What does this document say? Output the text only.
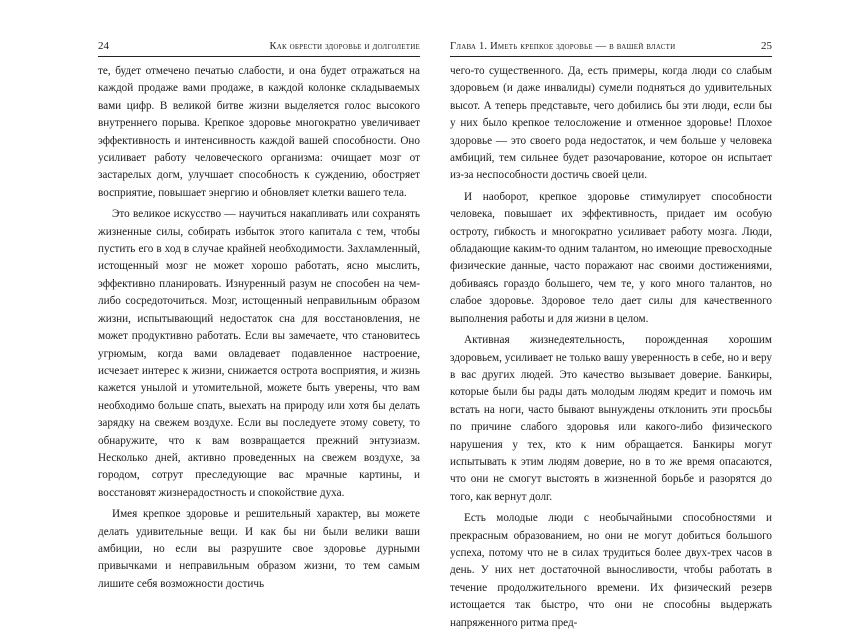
24	Как обрести здоровье и долголетие

те, будет отмечено печатью слабости, и она будет отражаться на каждой продаже вами продаже, в каждой колонке складываемых вами цифр. В великой битве жизни выделяется голос высокого внутреннего порыва. Крепкое здоровье многократно увеличивает эффективность и интенсивность каждой вашей способности. Оно усиливает работу человеческого организма: очищает мозг от застарелых догм, улучшает способность к суждению, обостряет восприятие, повышает энергию и обновляет клетки вашего тела.

Это великое искусство — научиться накапливать или сохранять жизненные силы, собирать избыток этого капитала с тем, чтобы пустить его в ход в случае крайней необходимости. Захламленный, истощенный мозг не может хорошо работать, ясно мыслить, эффективно планировать. Изнуренный разум не способен на чем-либо сосредоточиться. Мозг, истощенный неправильным образом жизни, испытывающий недостаток сна для восстановления, не может продуктивно работать. Если вы замечаете, что становитесь угрюмым, когда вами овладевает подавленное настроение, исчезает интерес к жизни, снижается острота восприятия, и жизнь кажется унылой и утомительной, можете быть уверены, что вам необходимо больше спать, выехать на природу или хотя бы делать зарядку на свежем воздухе. Если вы последуете этому совету, то обнаружите, что к вам возвращается прежний энтузиазм. Несколько дней, активно проведенных на свежем воздухе, за городом, сотрут преследующие вас мрачные картины, и восстановят жизнерадостность и спокойствие духа.

Имея крепкое здоровье и решительный характер, вы можете делать удивительные вещи. И как бы ни были велики ваши амбиции, но если вы разрушите свое здоровье дурными привычками и неправильным образом жизни, то тем самым лишите себя возможности достичь

Глава 1. Иметь крепкое здоровье — в вашей власти	25

чего-то существенного. Да, есть примеры, когда люди со слабым здоровьем (и даже инвалиды) сумели подняться до удивительных высот. А теперь представьте, чего добились бы эти люди, если бы у них было крепкое телосложение и отменное здоровье! Плохое здоровье — это своего рода недостаток, и чем больше у человека амбиций, тем сильнее будет разочарование, которое он испытает из-за неспособности достичь своей цели.

И наоборот, крепкое здоровье стимулирует способности человека, повышает их эффективность, придает им особую остроту, гибкость и многократно усиливает работу мозга. Люди, обладающие каким-то одним талантом, но имеющие превосходные физические данные, часто поражают нас своими достижениями, добиваясь гораздо большего, чем те, у кого много талантов, но слабое здоровье. Здоровое тело дает силы для качественного выполнения работы и для жизни в целом.

Активная жизнедеятельность, порожденная хорошим здоровьем, усиливает не только вашу уверенность в себе, но и веру в вас других людей. Это качество вызывает доверие. Банкиры, которые были бы рады дать молодым людям кредит и помочь им встать на ноги, часто бывают вынуждены отклонить эти просьбы по причине слабого здоровья или какого-либо физического нарушения у тех, кто к ним обращается. Банкиры могут испытывать к этим людям доверие, но в то же время опасаются, что они не смогут выстоять в жизненной борьбе и разорятся до того, как вернут долг.

Есть молодые люди с необычайными способностями и прекрасным образованием, но они не могут добиться большого успеха, потому что не в силах трудиться более двух-трех часов в день. У них нет достаточной выносливости, чтобы работать в течение продолжительного времени. Их физический резерв истощается так быстро, что они не способны выдержать напряженного ритма пред-
